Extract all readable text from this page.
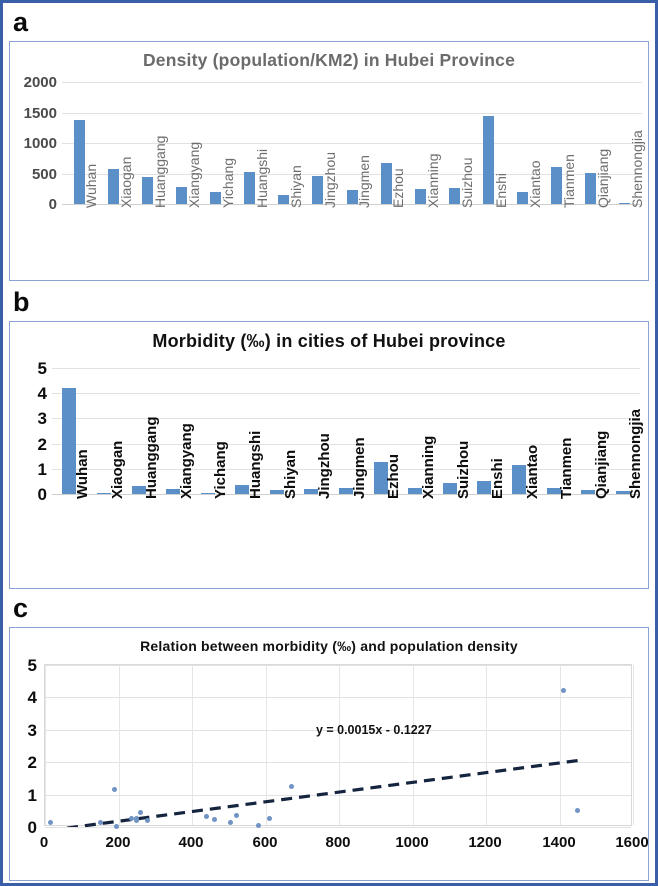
a
Density (population/KM2) in Hubei Province
2000
1500
1000
500
0 Wuhan Xiaogan Huanggang Xiangyang Yichang Huangshi Shiyan Jingzhou Jingmen Ezhou Xianning Suizhou Enshi Xiantao Tianmen Qianjiang Shennongjia
b
Morbidity (‰) in cities of Hubei province
5
4
3
2
1
0 Wuhan Xiaogan Huanggang Xiangyang Yichang Huangshi Shiyan Jingzhou Jingmen Ezhou Xianning Suizhou Enshi Xiantao Tianmen Qianjiang Shennongjia
c
Relation between morbidity (‰) and population density
0
1
2
3
4
5
0	200	400	600	800	1000	1200	1400	1600
y = 0.0015x - 0.1227
